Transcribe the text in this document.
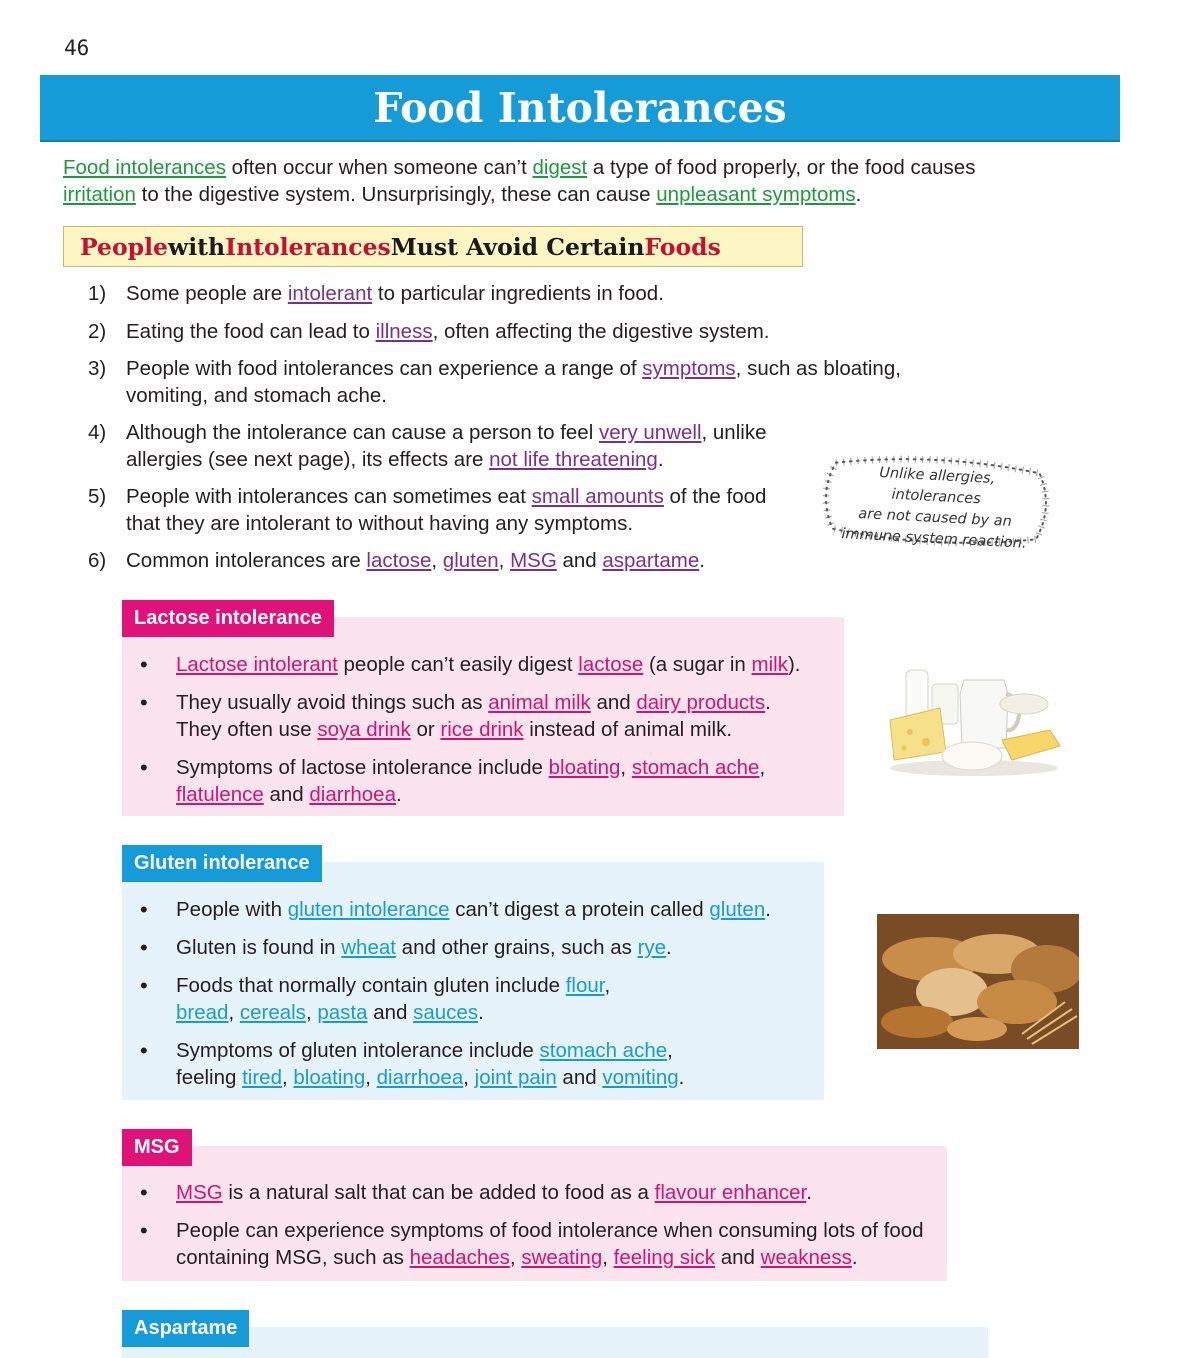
46
Food Intolerances
Food intolerances often occur when someone can’t digest a type of food properly, or the food causes
irritation to the digestive system. Unsurprisingly, these can cause unpleasant symptoms.
People with Intolerances Must Avoid Certain Foods
1) Some people are intolerant to particular ingredients in food.
2) Eating the food can lead to illness, often affecting the digestive system.
3) People with food intolerances can experience a range of symptoms, such as bloating, vomiting, and stomach ache.
4) Although the intolerance can cause a person to feel very unwell, unlike allergies (see next page), its effects are not life threatening.
5) People with intolerances can sometimes eat small amounts of the food that they are intolerant to without having any symptoms.
6) Common intolerances are lactose, gluten, MSG and aspartame.
Unlike allergies, intolerances
are not caused by an
immune system reaction.
Lactose intolerance
• Lactose intolerant people can’t easily digest lactose (a sugar in milk).
• They usually avoid things such as animal milk and dairy products.
They often use soya drink or rice drink instead of animal milk.
• Symptoms of lactose intolerance include bloating, stomach ache,
flatulence and diarrhoea.
Gluten intolerance
• People with gluten intolerance can’t digest a protein called gluten.
• Gluten is found in wheat and other grains, such as rye.
• Foods that normally contain gluten include flour,
bread, cereals, pasta and sauces.
• Symptoms of gluten intolerance include stomach ache,
feeling tired, bloating, diarrhoea, joint pain and vomiting.
MSG
• MSG is a natural salt that can be added to food as a flavour enhancer.
• People can experience symptoms of food intolerance when consuming lots of food containing MSG, such as headaches, sweating, feeling sick and weakness.
Aspartame
